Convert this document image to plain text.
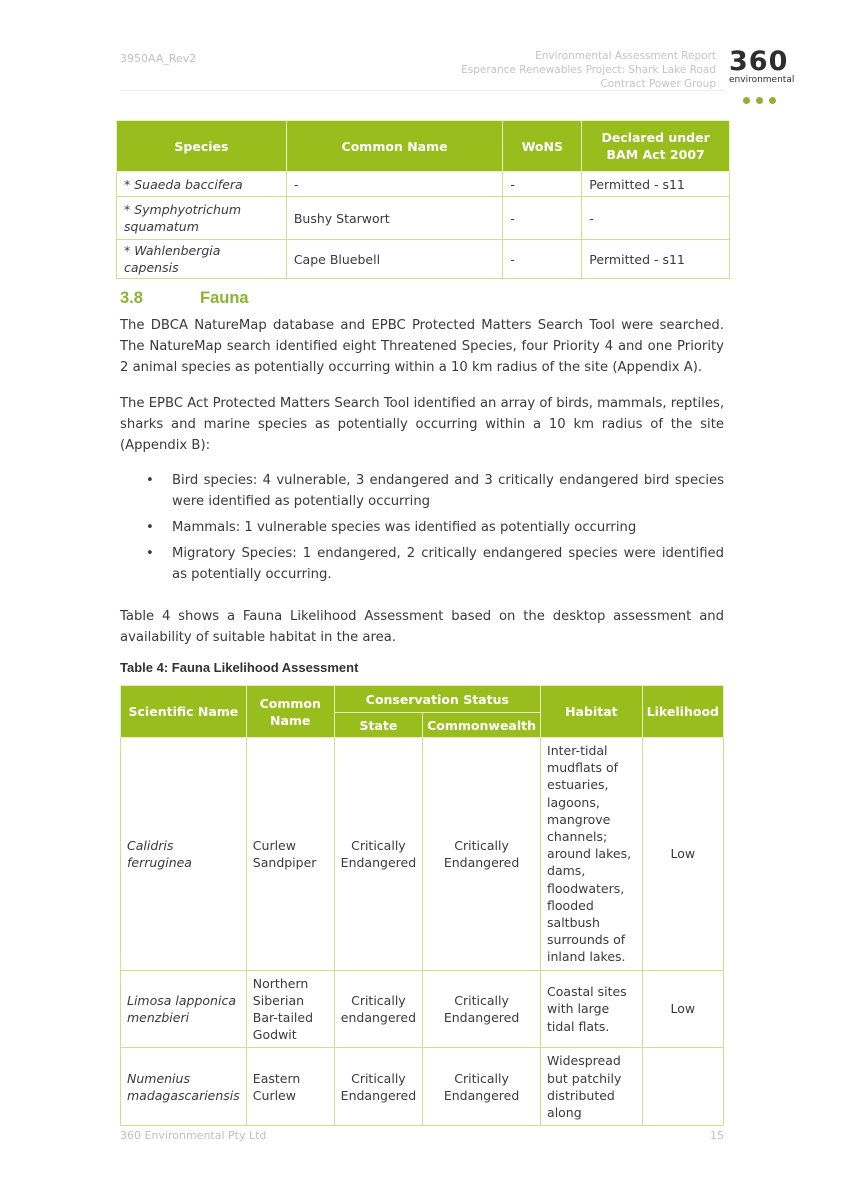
3950AA_Rev2	Environmental Assessment Report
Esperance Renewables Project: Shark Lake Road
Contract Power Group
360
environmental
Species	Common Name	WoNS	Declared under BAM Act 2007
* Suaeda baccifera	-	-	Permitted - s11
* Symphyotrichum squamatum	Bushy Starwort	-	-
* Wahlenbergia capensis	Cape Bluebell	-	Permitted - s11
3.8	Fauna

The DBCA NatureMap database and EPBC Protected Matters Search Tool were searched. The NatureMap search identified eight Threatened Species, four Priority 4 and one Priority 2 animal species as potentially occurring within a 10 km radius of the site (Appendix A).

The EPBC Act Protected Matters Search Tool identified an array of birds, mammals, reptiles, sharks and marine species as potentially occurring within a 10 km radius of the site (Appendix B):

• Bird species: 4 vulnerable, 3 endangered and 3 critically endangered bird species were identified as potentially occurring
• Mammals: 1 vulnerable species was identified as potentially occurring
• Migratory Species: 1 endangered, 2 critically endangered species were identified as potentially occurring.

Table 4 shows a Fauna Likelihood Assessment based on the desktop assessment and availability of suitable habitat in the area.

Table 4: Fauna Likelihood Assessment
Scientific Name	Common Name	Conservation Status		Habitat	Likelihood
		State	Commonwealth		
Calidris ferruginea	Curlew Sandpiper	Critically Endangered	Critically Endangered	Inter-tidal mudflats of estuaries, lagoons, mangrove channels; around lakes, dams, floodwaters, flooded saltbush surrounds of inland lakes.	Low
Limosa lapponica menzbieri	Northern Siberian Bar-tailed Godwit	Critically endangered	Critically Endangered	Coastal sites with large tidal flats.	Low
Numenius madagascariensis	Eastern Curlew	Critically Endangered	Critically Endangered	Widespread but patchily distributed along	
360 Environmental Pty Ltd	15
